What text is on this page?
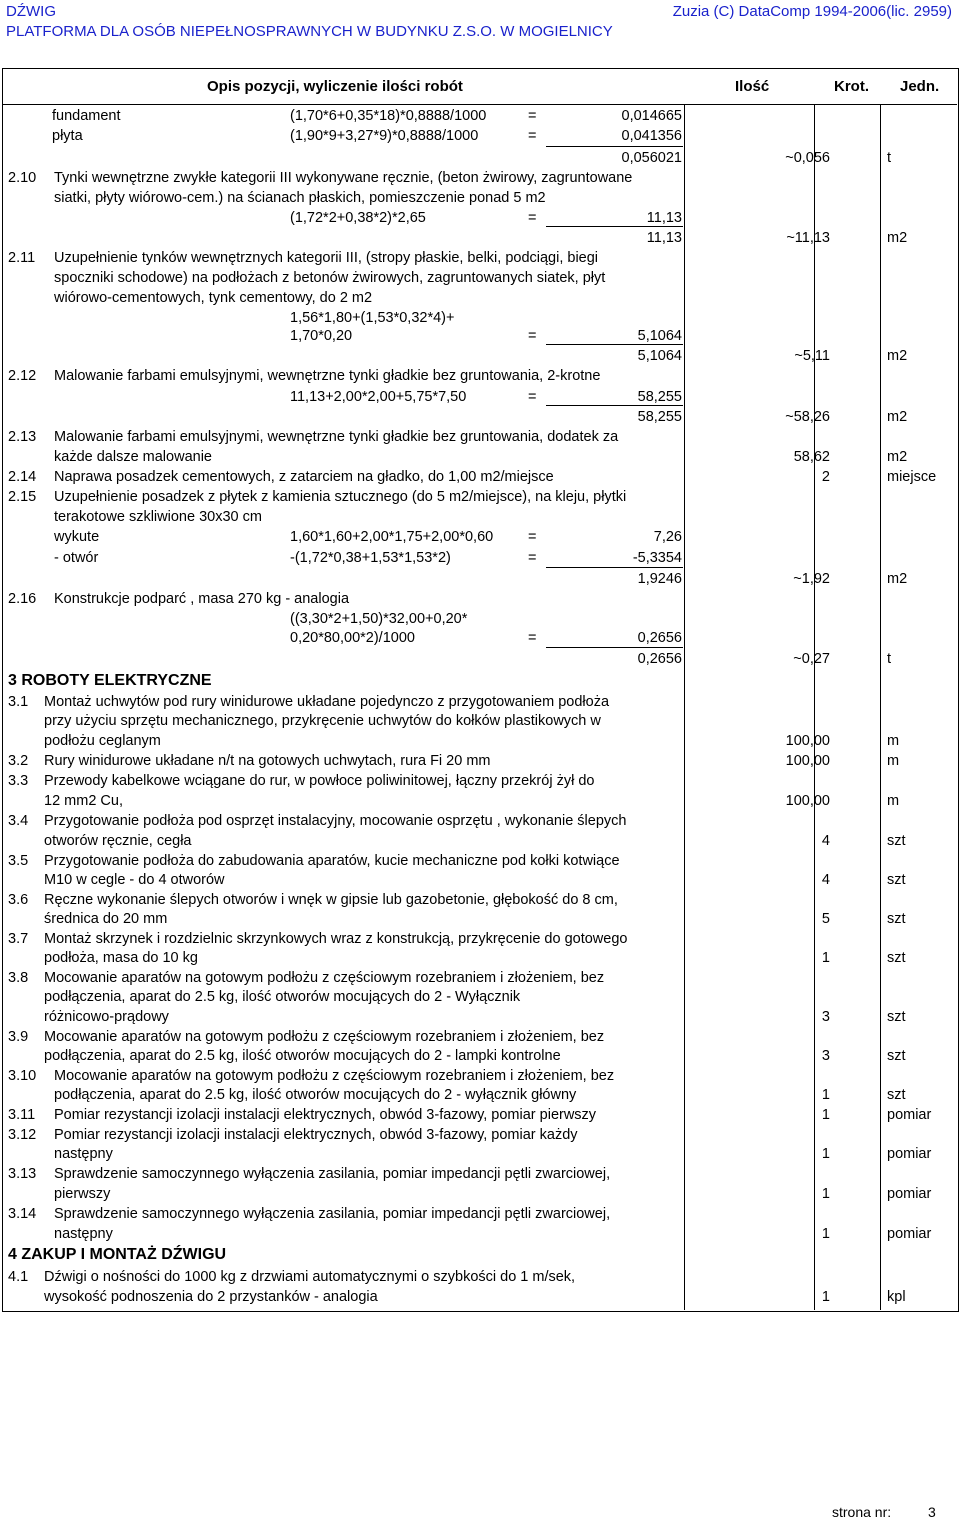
DŹWIG
PLATFORMA DLA OSÓB NIEPEŁNOSPRAWNYCH W BUDYNKU Z.S.O. W MOGIELNICY
Zuzia (C) DataComp 1994-2006(lic. 2959)
Opis pozycji, wyliczenie ilości robót	Ilość	Krot. Jedn.
fundament	(1,70*6+0,35*18)*0,8888/1000	=	0,014665
płyta	(1,90*9+3,27*9)*0,8888/1000	=	0,041356
0,056021	~0,056	t
2.10 Tynki wewnętrzne zwykłe kategorii III wykonywane ręcznie, (beton żwirowy, zagruntowane
siatki, płyty wiórowo-cem.) na ścianach płaskich, pomieszczenie ponad 5 m2
(1,72*2+0,38*2)*2,65	=	11,13
11,13	~11,13	m2
2.11 Uzupełnienie tynków wewnętrznych kategorii III, (stropy płaskie, belki, podciągi, biegi
spoczniki schodowe) na podłożach z betonów żwirowych, zagruntowanych siatek, płyt
wiórowo-cementowych, tynk cementowy, do 2 m2
1,56*1,80+(1,53*0,32*4)+
1,70*0,20	=	5,1064
5,1064	~5,11	m2
2.12 Malowanie farbami emulsyjnymi, wewnętrzne tynki gładkie bez gruntowania, 2-krotne
11,13+2,00*2,00+5,75*7,50	=	58,255
58,255	~58,26	m2
2.13 Malowanie farbami emulsyjnymi, wewnętrzne tynki gładkie bez gruntowania, dodatek za
każde dalsze malowanie	58,62	m2
2.14 Naprawa posadzek cementowych, z zatarciem na gładko, do 1,00 m2/miejsce	2	miejsce
2.15 Uzupełnienie posadzek z płytek z kamienia sztucznego (do 5 m2/miejsce), na kleju, płytki
terakotowe szkliwione 30x30 cm
wykute	1,60*1,60+2,00*1,75+2,00*0,60 =	7,26
- otwór	-(1,72*0,38+1,53*1,53*2)	=	-5,3354
1,9246	~1,92	m2
2.16 Konstrukcje podparć , masa 270 kg - analogia
((3,30*2+1,50)*32,00+0,20*
0,20*80,00*2)/1000	=	0,2656
0,2656	~0,27	t
3 ROBOTY ELEKTRYCZNE
3.1 Montaż uchwytów pod rury winidurowe układane pojedynczo z przygotowaniem podłoża
przy użyciu sprzętu mechanicznego, przykręcenie uchwytów do kołków plastikowych w
podłożu ceglanym	100,00	m
3.2 Rury winidurowe układane n/t na gotowych uchwytach, rura Fi 20 mm	100,00	m
3.3 Przewody kabelkowe wciągane do rur, w powłoce poliwinitowej, łączny przekrój żył do
12 mm2 Cu,	100,00	m
3.4 Przygotowanie podłoża pod osprzęt instalacyjny, mocowanie osprzętu , wykonanie ślepych
otworów ręcznie, cegła	4	szt
3.5 Przygotowanie podłoża do zabudowania aparatów, kucie mechaniczne pod kołki kotwiące
M10 w cegle - do 4 otworów	4	szt
3.6 Ręczne wykonanie ślepych otworów i wnęk w gipsie lub gazobetonie, głębokość do 8 cm,
średnica do 20 mm	5	szt
3.7 Montaż skrzynek i rozdzielnic skrzynkowych wraz z konstrukcją, przykręcenie do gotowego
podłoża, masa do 10 kg	1	szt
3.8 Mocowanie aparatów na gotowym podłożu z częściowym rozebraniem i złożeniem, bez
podłączenia, aparat do 2.5 kg, ilość otworów mocujących do 2 - Wyłącznik
różnicowo-prądowy	3	szt
3.9 Mocowanie aparatów na gotowym podłożu z częściowym rozebraniem i złożeniem, bez
podłączenia, aparat do 2.5 kg, ilość otworów mocujących do 2 - lampki kontrolne	3	szt
3.10 Mocowanie aparatów na gotowym podłożu z częściowym rozebraniem i złożeniem, bez
podłączenia, aparat do 2.5 kg, ilość otworów mocujących do 2 - wyłącznik główny	1	szt
3.11 Pomiar rezystancji izolacji instalacji elektrycznych, obwód 3-fazowy, pomiar pierwszy	1	pomiar
3.12 Pomiar rezystancji izolacji instalacji elektrycznych, obwód 3-fazowy, pomiar każdy
następny	1	pomiar
3.13 Sprawdzenie samoczynnego wyłączenia zasilania, pomiar impedancji pętli zwarciowej,
pierwszy	1	pomiar
3.14 Sprawdzenie samoczynnego wyłączenia zasilania, pomiar impedancji pętli zwarciowej,
następny	1	pomiar
4 ZAKUP I MONTAŻ DŹWIGU
4.1 Dźwigi o nośności do 1000 kg z drzwiami automatycznymi o szybkości do 1 m/sek,
wysokość podnoszenia do 2 przystanków - analogia	1	kpl
strona nr:	3
